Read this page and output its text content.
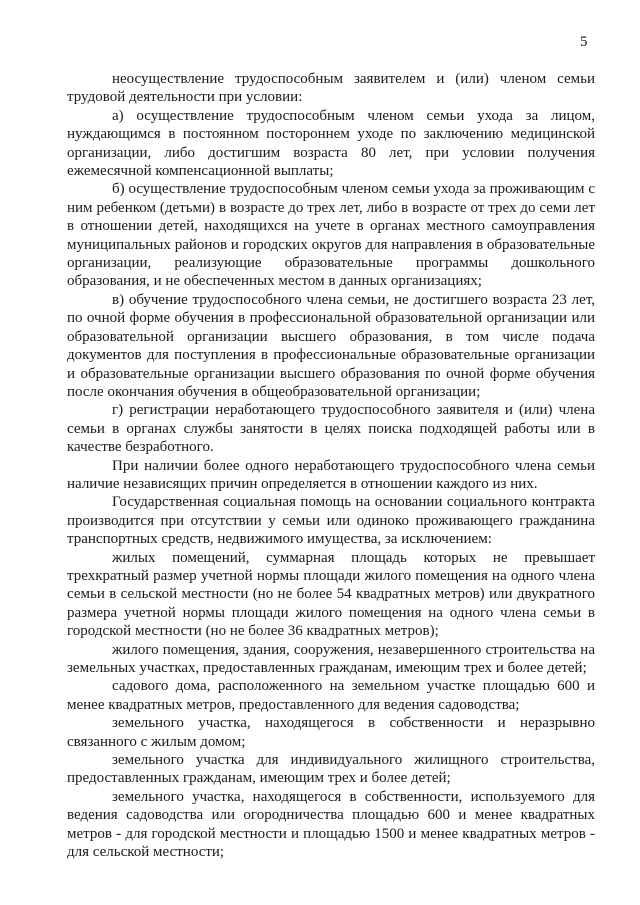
5

неосуществление трудоспособным заявителем и (или) членом семьи трудовой деятельности при условии:

а) осуществление трудоспособным членом семьи ухода за лицом, нуждающимся в постоянном постороннем уходе по заключению медицинской организации, либо достигшим возраста 80 лет, при условии получения ежемесячной компенсационной выплаты;

б) осуществление трудоспособным членом семьи ухода за проживающим с ним ребенком (детьми) в возрасте до трех лет, либо в возрасте от трех до семи лет в отношении детей, находящихся на учете в органах местного самоуправления муниципальных районов и городских округов для направления в образовательные организации, реализующие образовательные программы дошкольного образования, и не обеспеченных местом в данных организациях;

в) обучение трудоспособного члена семьи, не достигшего возраста 23 лет, по очной форме обучения в профессиональной образовательной организации или образовательной организации высшего образования, в том числе подача документов для поступления в профессиональные образовательные организации и образовательные организации высшего образования по очной форме обучения после окончания обучения в общеобразовательной организации;

г) регистрации неработающего трудоспособного заявителя и (или) члена семьи в органах службы занятости в целях поиска подходящей работы или в качестве безработного.

При наличии более одного неработающего трудоспособного члена семьи наличие независящих причин определяется в отношении каждого из них.

Государственная социальная помощь на основании социального контракта производится при отсутствии у семьи или одиноко проживающего гражданина транспортных средств, недвижимого имущества, за исключением:

жилых помещений, суммарная площадь которых не превышает трехкратный размер учетной нормы площади жилого помещения на одного члена семьи в сельской местности (но не более 54 квадратных метров) или двукратного размера учетной нормы площади жилого помещения на одного члена семьи в городской местности (но не более 36 квадратных метров);

жилого помещения, здания, сооружения, незавершенного строительства на земельных участках, предоставленных гражданам, имеющим трех и более детей;

садового дома, расположенного на земельном участке площадью 600 и менее квадратных метров, предоставленного для ведения садоводства;

земельного участка, находящегося в собственности и неразрывно связанного с жилым домом;

земельного участка для индивидуального жилищного строительства, предоставленных гражданам, имеющим трех и более детей;

земельного участка, находящегося в собственности, используемого для ведения садоводства или огородничества площадью 600 и менее квадратных метров - для городской местности и площадью 1500 и менее квадратных метров - для сельской местности;
